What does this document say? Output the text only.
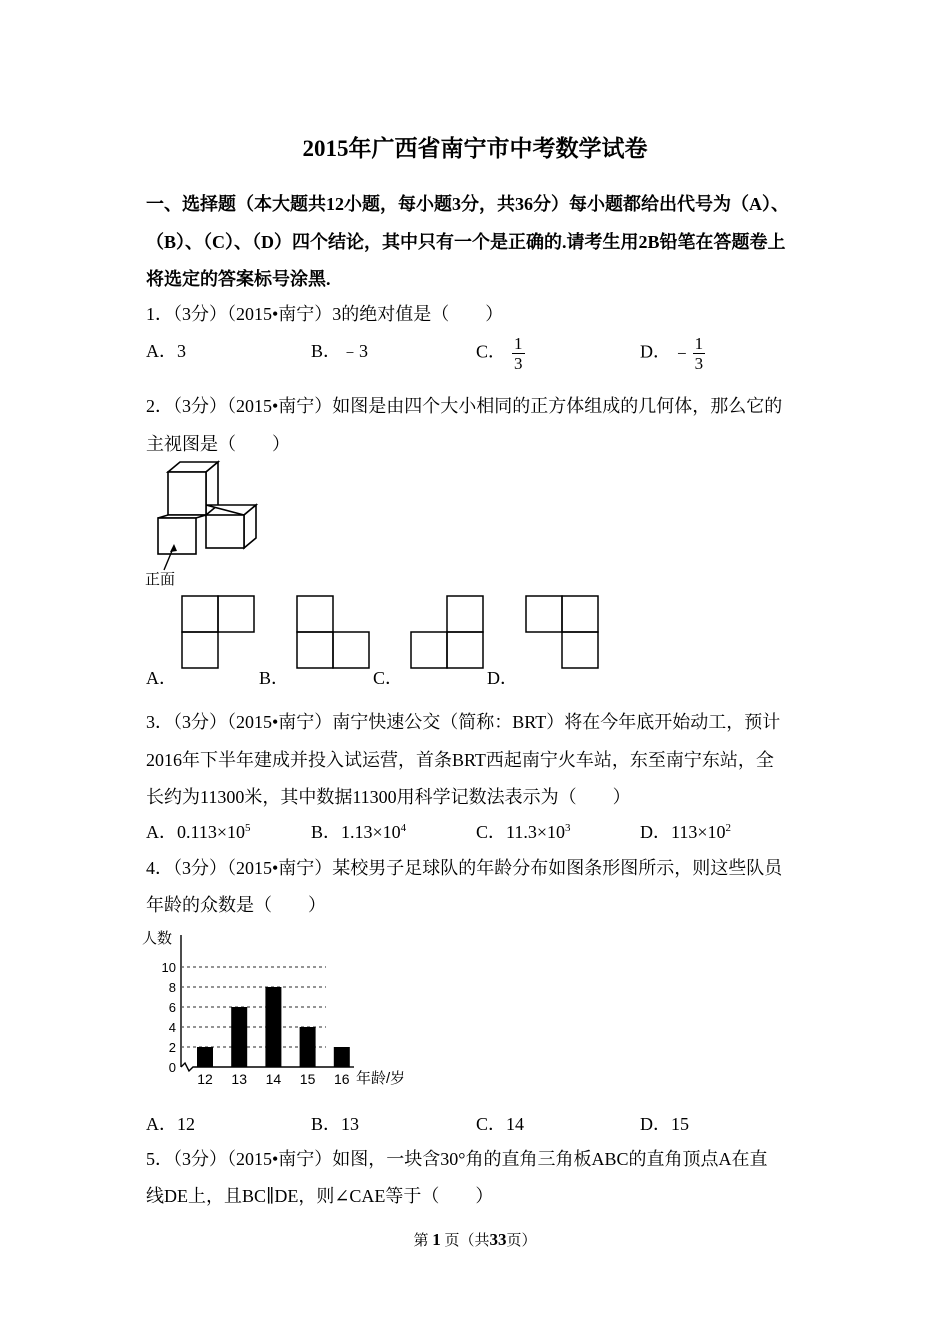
2015年广西省南宁市中考数学试卷
一、选择题（本大题共12小题，每小题3分，共36分）每小题都给出代号为（A）、
（B）、（C）、（D）四个结论，其中只有一个是正确的.请考生用2B铅笔在答题卷上
将选定的答案标号涂黑.
1．（3分）（2015•南宁）3的绝对值是（　　）
A．3	B．﹣3	C． $\frac{1}{3}$	D． − $\frac{1}{3}$
2．（3分）（2015•南宁）如图是由四个大小相同的正方体组成的几何体，那么它的
主视图是（　　）
正面
A．	B．	C．	D．
3．（3分）（2015•南宁）南宁快速公交（简称：BRT）将在今年底开始动工，预计
2016年下半年建成并投入试运营，首条BRT西起南宁火车站，东至南宁东站，全
长约为11300米，其中数据11300用科学记数法表示为（　　）
A．$0.113\times 10^5$	B．$1.13\times 10^4$	C．$11.3\times 10^3$	D．$113\times 10^2$
4．（3分）（2015•南宁）某校男子足球队的年龄分布如图条形图所示，则这些队员
年龄的众数是（　　）
0
2
4
6
8
10
12 13 14 15 16
人数
年龄/岁
A．12	B．13	C．14	D．15
5．（3分）（2015•南宁）如图，一块含30°角的直角三角板ABC的直角顶点A在直
线DE上，且BC∥DE，则∠CAE等于（　　）
第 1 页（共33页）
